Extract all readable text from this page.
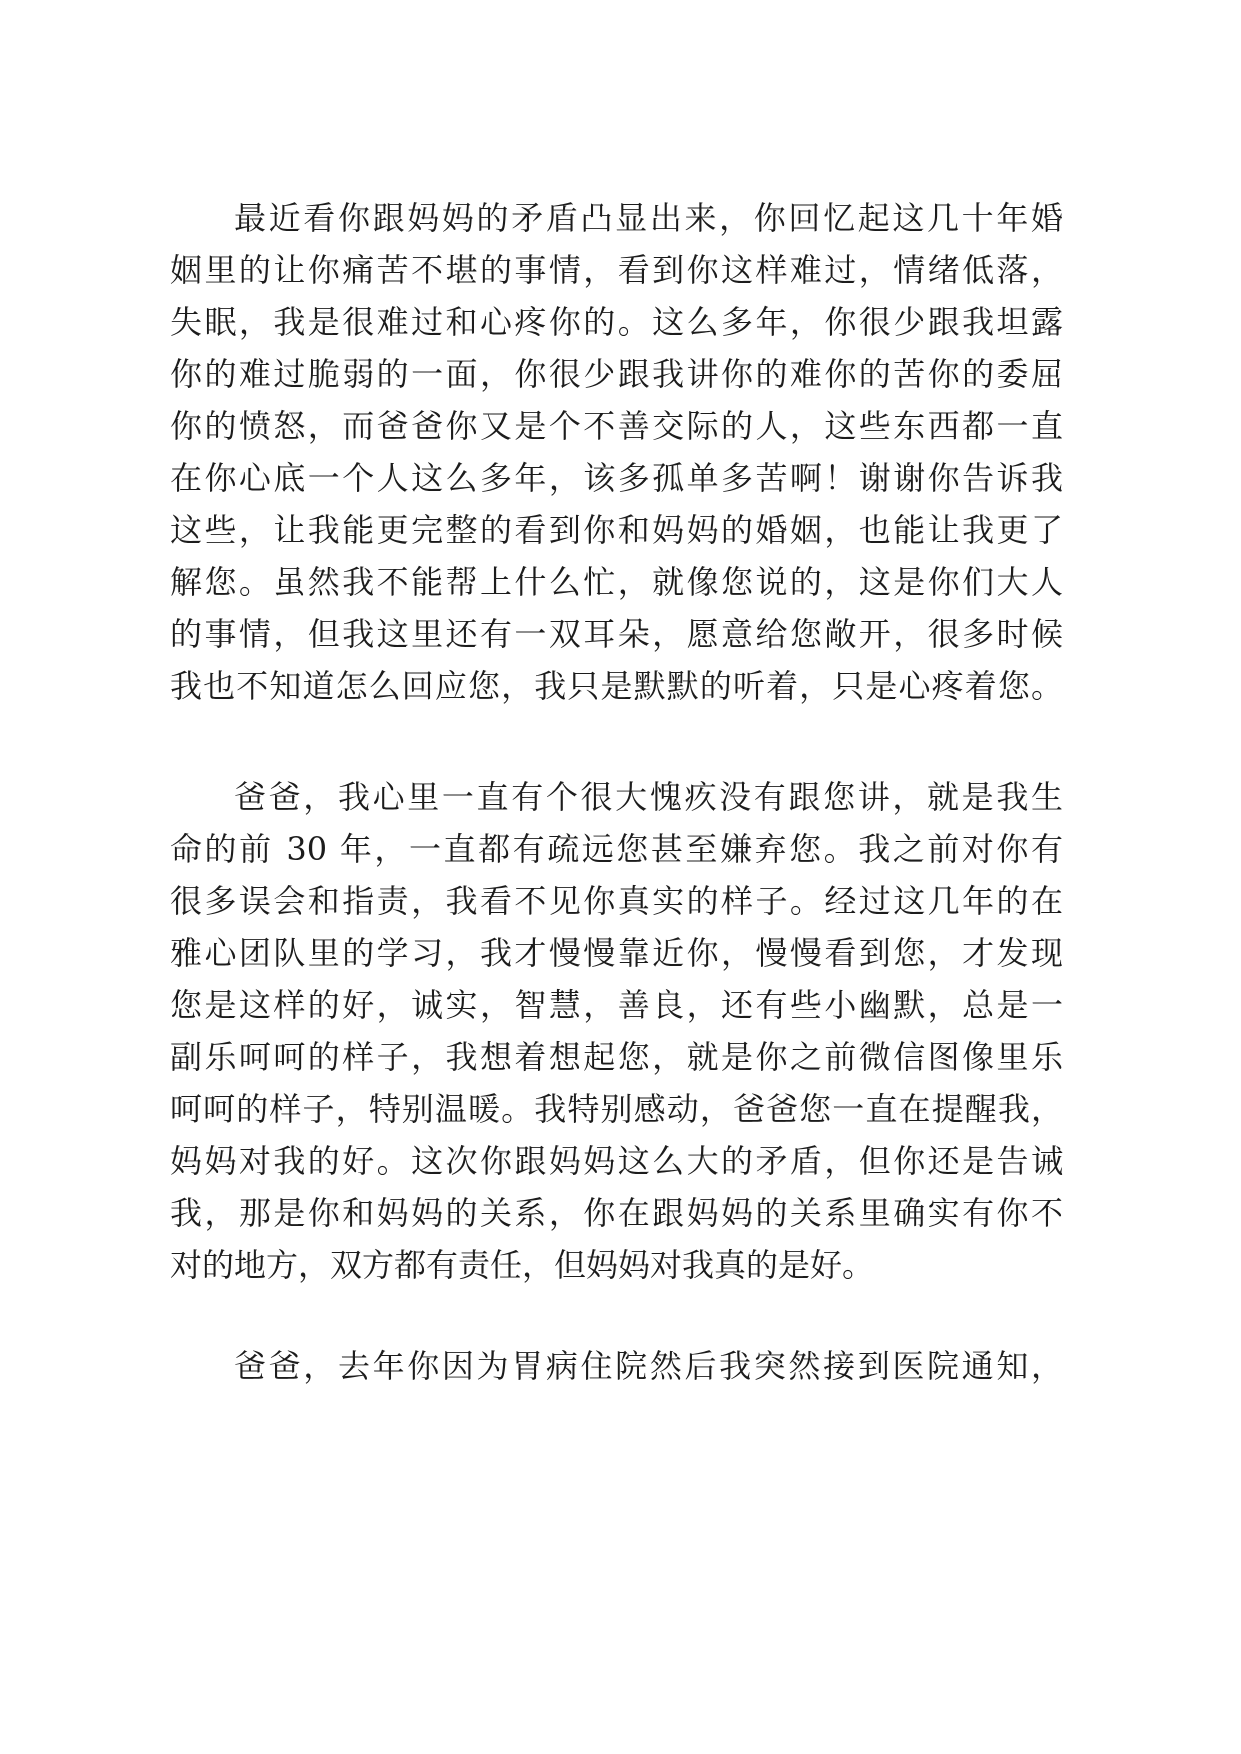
最近看你跟妈妈的矛盾凸显出来，你回忆起这几十年婚
姻里的让你痛苦不堪的事情，看到你这样难过，情绪低落，
失眠，我是很难过和心疼你的。这么多年，你很少跟我坦露
你的难过脆弱的一面，你很少跟我讲你的难你的苦你的委屈
你的愤怒，而爸爸你又是个不善交际的人，这些东西都一直
在你心底一个人这么多年，该多孤单多苦啊！谢谢你告诉我
这些，让我能更完整的看到你和妈妈的婚姻，也能让我更了
解您。虽然我不能帮上什么忙，就像您说的，这是你们大人
的事情，但我这里还有一双耳朵，愿意给您敞开，很多时候
我也不知道怎么回应您，我只是默默的听着，只是心疼着您。
爸爸，我心里一直有个很大愧疚没有跟您讲，就是我生
命的前 30 年，一直都有疏远您甚至嫌弃您。我之前对你有
很多误会和指责，我看不见你真实的样子。经过这几年的在
雅心团队里的学习，我才慢慢靠近你，慢慢看到您，才发现
您是这样的好，诚实，智慧，善良，还有些小幽默，总是一
副乐呵呵的样子，我想着想起您，就是你之前微信图像里乐
呵呵的样子，特别温暖。我特别感动，爸爸您一直在提醒我，
妈妈对我的好。这次你跟妈妈这么大的矛盾，但你还是告诫
我，那是你和妈妈的关系，你在跟妈妈的关系里确实有你不
对的地方，双方都有责任，但妈妈对我真的是好。
爸爸，去年你因为胃病住院然后我突然接到医院通知，
